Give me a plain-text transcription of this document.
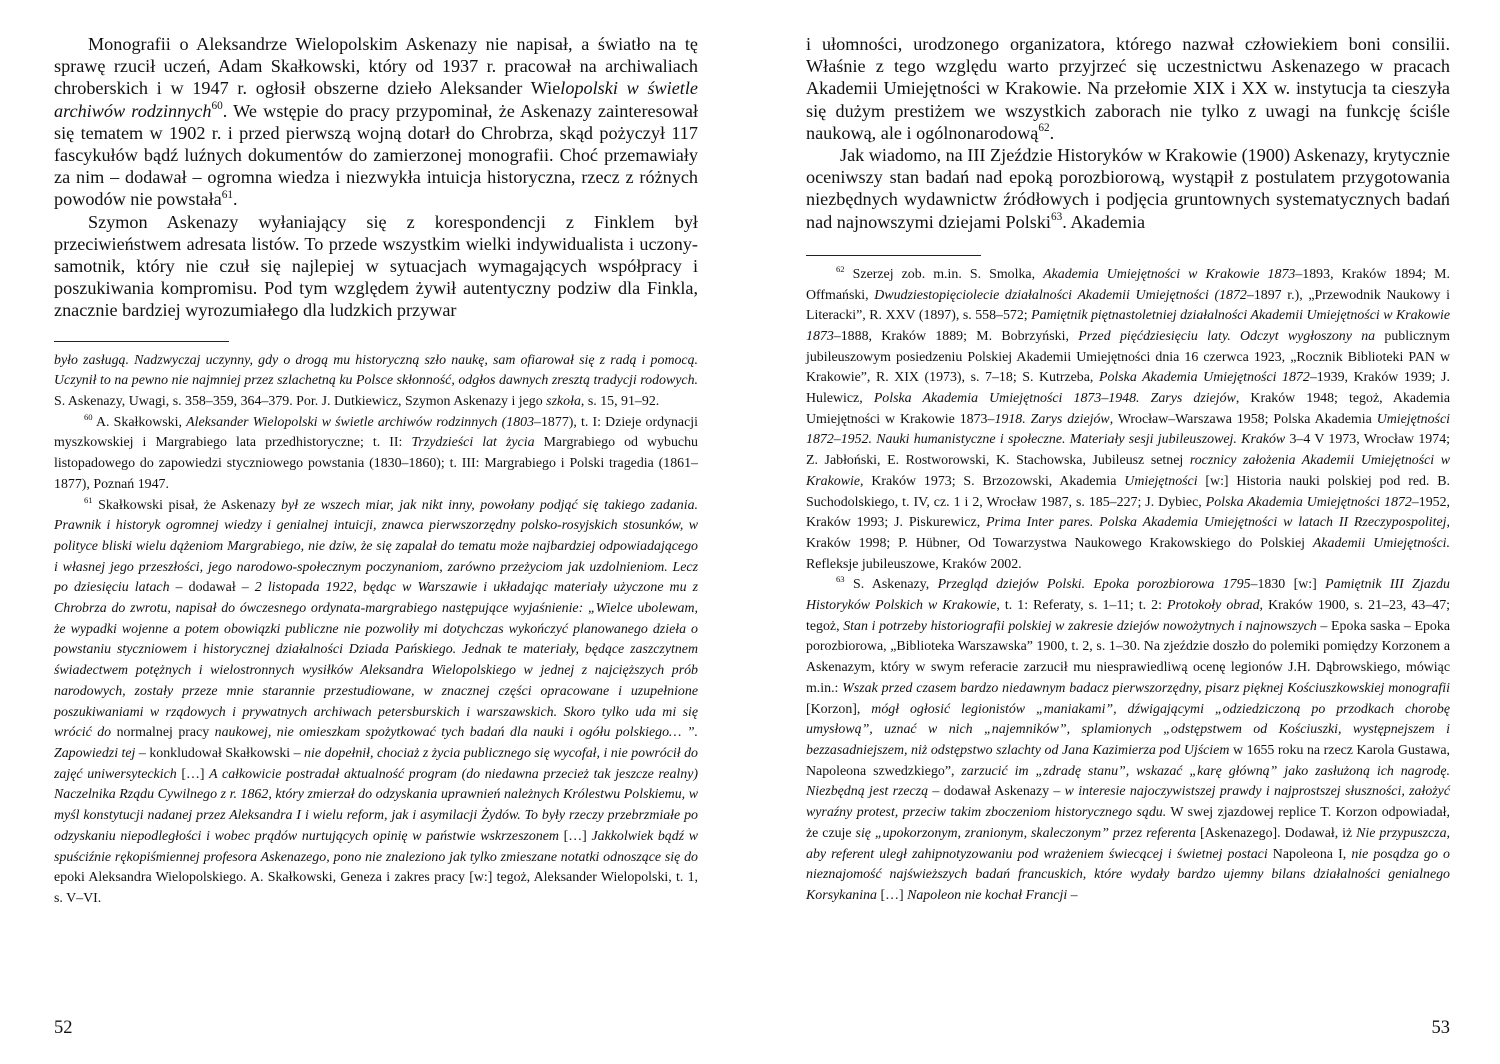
Monografii o Aleksandrze Wielopolskim Askenazy nie napisał, a światło na tę sprawę rzucił uczeń, Adam Skałkowski, który od 1937 r. pracował na archiwaliach chroberskich i w 1947 r. ogłosił obszerne dzieło Aleksander Wielopolski w świetle archiwów rodzinnych$^{60}$. We wstępie do pracy przypominał, że Askenazy zainteresował się tematem w 1902 r. i przed pierwszą wojną dotarł do Chrobrza, skąd pożyczył 117 fascykułów bądź luźnych dokumentów do zamierzonej monografii. Choć przemawiały za nim – dodawał – ogromna wiedza i niezwykła intuicja historyczna, rzecz z różnych powodów nie powstała$^{61}$.

Szymon Askenazy wyłaniający się z korespondencji z Finklem był przeciwieństwem adresata listów. To przede wszystkim wielki indywidualista i uczony-samotnik, który nie czuł się najlepiej w sytuacjach wymagających współpracy i poszukiwania kompromisu. Pod tym względem żywił autentyczny podziw dla Finkla, znacznie bardziej wyrozumiałego dla ludzkich przywar

było zasługą. Nadzwyczaj uczynny, gdy o drogą mu historyczną szło naukę, sam ofiarował się z radą i pomocą. Uczynił to na pewno nie najmniej przez szlachetną ku Polsce skłonność, odgłos dawnych zresztą tradycji rodowych. S. Askenazy, Uwagi, s. 358–359, 364–379. Por. J. Dutkiewicz, Szymon Askenazy i jego szkoła, s. 15, 91–92.

$^{60}$ A. Skałkowski, Aleksander Wielopolski w świetle archiwów rodzinnych (1803–1877), t. I: Dzieje ordynacji myszkowskiej i Margrabiego lata przedhistoryczne; t. II: Trzydzieści lat życia Margrabiego od wybuchu listopadowego do zapowiedzi styczniowego powstania (1830–1860); t. III: Margrabiego i Polski tragedia (1861–1877), Poznań 1947.

$^{61}$ Skałkowski pisał, że Askenazy był ze wszech miar, jak nikt inny, powołany podjąć się takiego zadania. Prawnik i historyk ogromnej wiedzy i genialnej intuicji, znawca pierwszorzędny polsko-rosyjskich stosunków, w polityce bliski wielu dążeniom Margrabiego, nie dziw, że się zapalał do tematu może najbardziej odpowiadającego i własnej jego przeszłości, jego narodowo-społecznym poczynaniom, zarówno przeżyciom jak uzdolnieniom. Lecz po dziesięciu latach – dodawał – 2 listopada 1922, będąc w Warszawie i układając materiały użyczone mu z Chrobrza do zwrotu, napisał do ówczesnego ordynata-margrabiego następujące wyjaśnienie: „Wielce ubolewam, że wypadki wojenne a potem obowiązki publiczne nie pozwoliły mi dotychczas wykończyć planowanego dzieła o powstaniu styczniowem i historycznej działalności Dziada Pańskiego. Jednak te materiały, będące zaszczytnem świadectwem potężnych i wielostronnych wysiłków Aleksandra Wielopolskiego w jednej z najcięższych prób narodowych, zostały przeze mnie starannie przestudiowane, w znacznej części opracowane i uzupełnione poszukiwaniami w rządowych i prywatnych archiwach petersburskich i warszawskich. Skoro tylko uda mi się wrócić do normalnej pracy naukowej, nie omieszkam spożytkować tych badań dla nauki i ogółu polskiego… ”. Zapowiedzi tej – konkludował Skałkowski – nie dopełnił, chociaż z życia publicznego się wycofał, i nie powrócił do zajęć uniwersyteckich […] A całkowicie postradał aktualność program (do niedawna przecież tak jeszcze realny) Naczelnika Rządu Cywilnego z r. 1862, który zmierzał do odzyskania uprawnień należnych Królestwu Polskiemu, w myśl konstytucji nadanej przez Aleksandra I i wielu reform, jak i asymilacji Żydów. To były rzeczy przebrzmiałe po odzyskaniu niepodległości i wobec prądów nurtujących opinię w państwie wskrzeszonem […] Jakkolwiek bądź w spuściźnie rękopiśmiennej profesora Askenazego, pono nie znaleziono jak tylko zmieszane notatki odnoszące się do epoki Aleksandra Wielopolskiego. A. Skałkowski, Geneza i zakres pracy [w:] tegoż, Aleksander Wielopolski, t. 1, s. V–VI.

52

i ułomności, urodzonego organizatora, którego nazwał człowiekiem boni consilii. Właśnie z tego względu warto przyjrzeć się uczestnictwu Askenazego w pracach Akademii Umiejętności w Krakowie. Na przełomie XIX i XX w. instytucja ta cieszyła się dużym prestiżem we wszystkich zaborach nie tylko z uwagi na funkcję ściśle naukową, ale i ogólnonarodową$^{62}$.

Jak wiadomo, na III Zjeździe Historyków w Krakowie (1900) Askenazy, krytycznie oceniwszy stan badań nad epoką porozbiorową, wystąpił z postulatem przygotowania niezbędnych wydawnictw źródłowych i podjęcia gruntownych systematycznych badań nad najnowszymi dziejami Polski$^{63}$. Akademia

$^{62}$ Szerzej zob. m.in. S. Smolka, Akademia Umiejętności w Krakowie 1873–1893, Kraków 1894; M. Offmański, Dwudziestopięciolecie działalności Akademii Umiejętności (1872–1897 r.), „Przewodnik Naukowy i Literacki”, R. XXV (1897), s. 558–572; Pamiętnik piętnastoletniej działalności Akademii Umiejętności w Krakowie 1873–1888, Kraków 1889; M. Bobrzyński, Przed pięćdziesięciu laty. Odczyt wygłoszony na publicznym jubileuszowym posiedzeniu Polskiej Akademii Umiejętności dnia 16 czerwca 1923, „Rocznik Biblioteki PAN w Krakowie”, R. XIX (1973), s. 7–18; S. Kutrzeba, Polska Akademia Umiejętności 1872–1939, Kraków 1939; J. Hulewicz, Polska Akademia Umiejętności 1873–1948. Zarys dziejów, Kraków 1948; tegoż, Akademia Umiejętności w Krakowie 1873–1918. Zarys dziejów, Wrocław–Warszawa 1958; Polska Akademia Umiejętności 1872–1952. Nauki humanistyczne i społeczne. Materiały sesji jubileuszowej. Kraków 3–4 V 1973, Wrocław 1974; Z. Jabłoński, E. Rostworowski, K. Stachowska, Jubileusz setnej rocznicy założenia Akademii Umiejętności w Krakowie, Kraków 1973; S. Brzozowski, Akademia Umiejętności [w:] Historia nauki polskiej pod red. B. Suchodolskiego, t. IV, cz. 1 i 2, Wrocław 1987, s. 185–227; J. Dybiec, Polska Akademia Umiejętności 1872–1952, Kraków 1993; J. Piskurewicz, Prima Inter pares. Polska Akademia Umiejętności w latach II Rzeczypospolitej, Kraków 1998; P. Hübner, Od Towarzystwa Naukowego Krakowskiego do Polskiej Akademii Umiejętności. Refleksje jubileuszowe, Kraków 2002.

$^{63}$ S. Askenazy, Przegląd dziejów Polski. Epoka porozbiorowa 1795–1830 [w:] Pamiętnik III Zjazdu Historyków Polskich w Krakowie, t. 1: Referaty, s. 1–11; t. 2: Protokoły obrad, Kraków 1900, s. 21–23, 43–47; tegoż, Stan i potrzeby historiografii polskiej w zakresie dziejów nowożytnych i najnowszych – Epoka saska – Epoka porozbiorowa, „Biblioteka Warszawska” 1900, t. 2, s. 1–30. Na zjeździe doszło do polemiki pomiędzy Korzonem a Askenazym, który w swym referacie zarzucił mu niesprawiedliwą ocenę legionów J.H. Dąbrowskiego, mówiąc m.in.: Wszak przed czasem bardzo niedawnym badacz pierwszorzędny, pisarz pięknej Kościuszkowskiej monografii [Korzon], mógł ogłosić legionistów „maniakami”, dźwigającymi „odziedziczoną po przodkach chorobę umysłową”, uznać w nich „najemników”, splamionych „odstępstwem od Kościuszki, występnejszem i bezzasadniejszem, niż odstępstwo szlachty od Jana Kazimierza pod Ujściem w 1655 roku na rzecz Karola Gustawa, Napoleona szwedzkiego”, zarzucić im „zdradę stanu”, wskazać „karę główną” jako zasłużoną ich nagrodę. Niezbędną jest rzeczą – dodawał Askenazy – w interesie najoczywistszej prawdy i najprostszej słuszności, założyć wyraźny protest, przeciw takim zboczeniom historycznego sądu. W swej zjazdowej replice T. Korzon odpowiadał, że czuje się „upokorzonym, zranionym, skaleczonym” przez referenta [Askenazego]. Dodawał, iż Nie przypuszcza, aby referent uległ zahipnotyzowaniu pod wrażeniem świecącej i świetnej postaci Napoleona I, nie posądza go o nieznajomość najświeższych badań francuskich, które wydały bardzo ujemny bilans działalności genialnego Korsykanina […] Napoleon nie kochał Francji –

53
